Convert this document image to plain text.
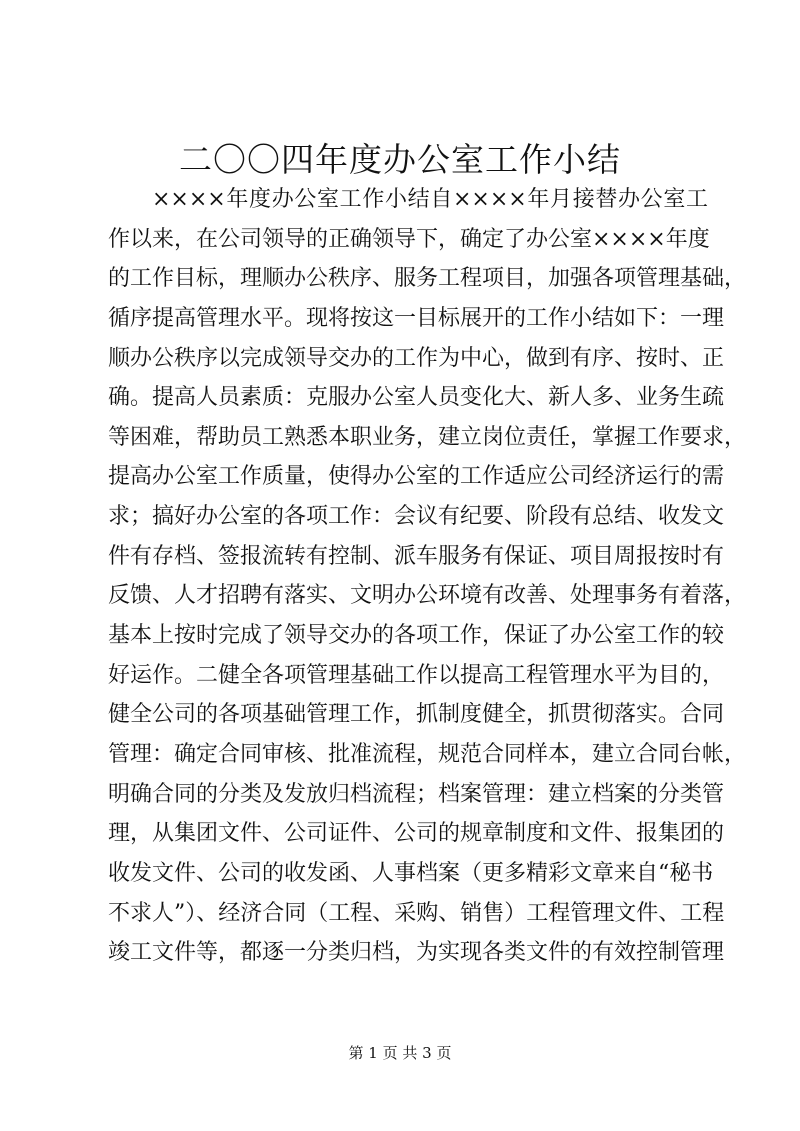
二〇〇四年度办公室工作小结
××××年度办公室工作小结自××××年月接替办公室工
作以来，在公司领导的正确领导下，确定了办公室××××年度
的工作目标，理顺办公秩序、服务工程项目，加强各项管理基础，
循序提高管理水平。现将按这一目标展开的工作小结如下：一理
顺办公秩序以完成领导交办的工作为中心，做到有序、按时、正
确。提高人员素质：克服办公室人员变化大、新人多、业务生疏
等困难，帮助员工熟悉本职业务，建立岗位责任，掌握工作要求，
提高办公室工作质量，使得办公室的工作适应公司经济运行的需
求；搞好办公室的各项工作：会议有纪要、阶段有总结、收发文
件有存档、签报流转有控制、派车服务有保证、项目周报按时有
反馈、人才招聘有落实、文明办公环境有改善、处理事务有着落，
基本上按时完成了领导交办的各项工作，保证了办公室工作的较
好运作。二健全各项管理基础工作以提高工程管理水平为目的，
健全公司的各项基础管理工作，抓制度健全，抓贯彻落实。合同
管理：确定合同审核、批准流程，规范合同样本，建立合同台帐，
明确合同的分类及发放归档流程；档案管理：建立档案的分类管
理，从集团文件、公司证件、公司的规章制度和文件、报集团的
收发文件、公司的收发函、人事档案（更多精彩文章来自“秘书
不求人”）、经济合同（工程、采购、销售）工程管理文件、工程
竣工文件等，都逐一分类归档，为实现各类文件的有效控制管理
第 1 页 共 3 页
